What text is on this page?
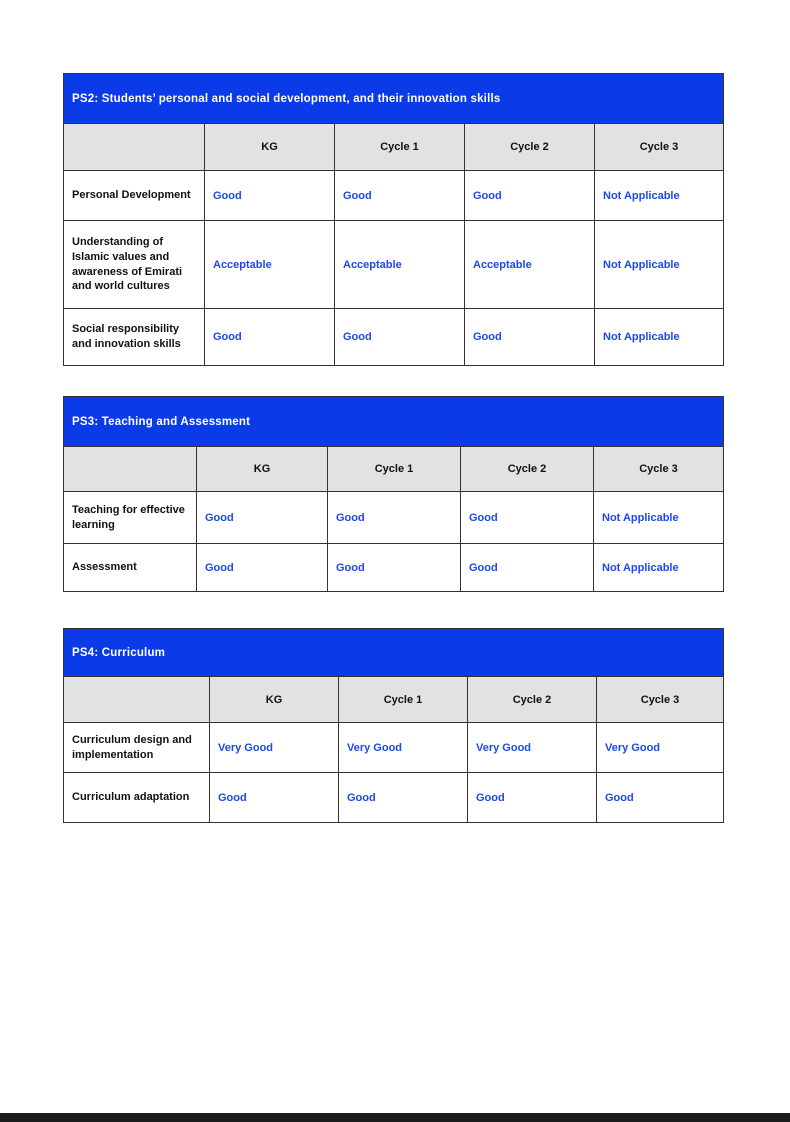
PS2: Students’ personal and social development, and their innovation skills				
	KG	Cycle 1	Cycle 2	Cycle 3
Personal Development	Good	Good	Good	Not Applicable
Understanding of Islamic values and awareness of Emirati and world cultures	Acceptable	Acceptable	Acceptable	Not Applicable
Social responsibility and innovation skills	Good	Good	Good	Not Applicable
PS3: Teaching and Assessment				
	KG	Cycle 1	Cycle 2	Cycle 3
Teaching for effective learning	Good	Good	Good	Not Applicable
Assessment	Good	Good	Good	Not Applicable
PS4: Curriculum				
	KG	Cycle 1	Cycle 2	Cycle 3
Curriculum design and implementation	Very Good	Very Good	Very Good	Very Good
Curriculum adaptation	Good	Good	Good	Good
